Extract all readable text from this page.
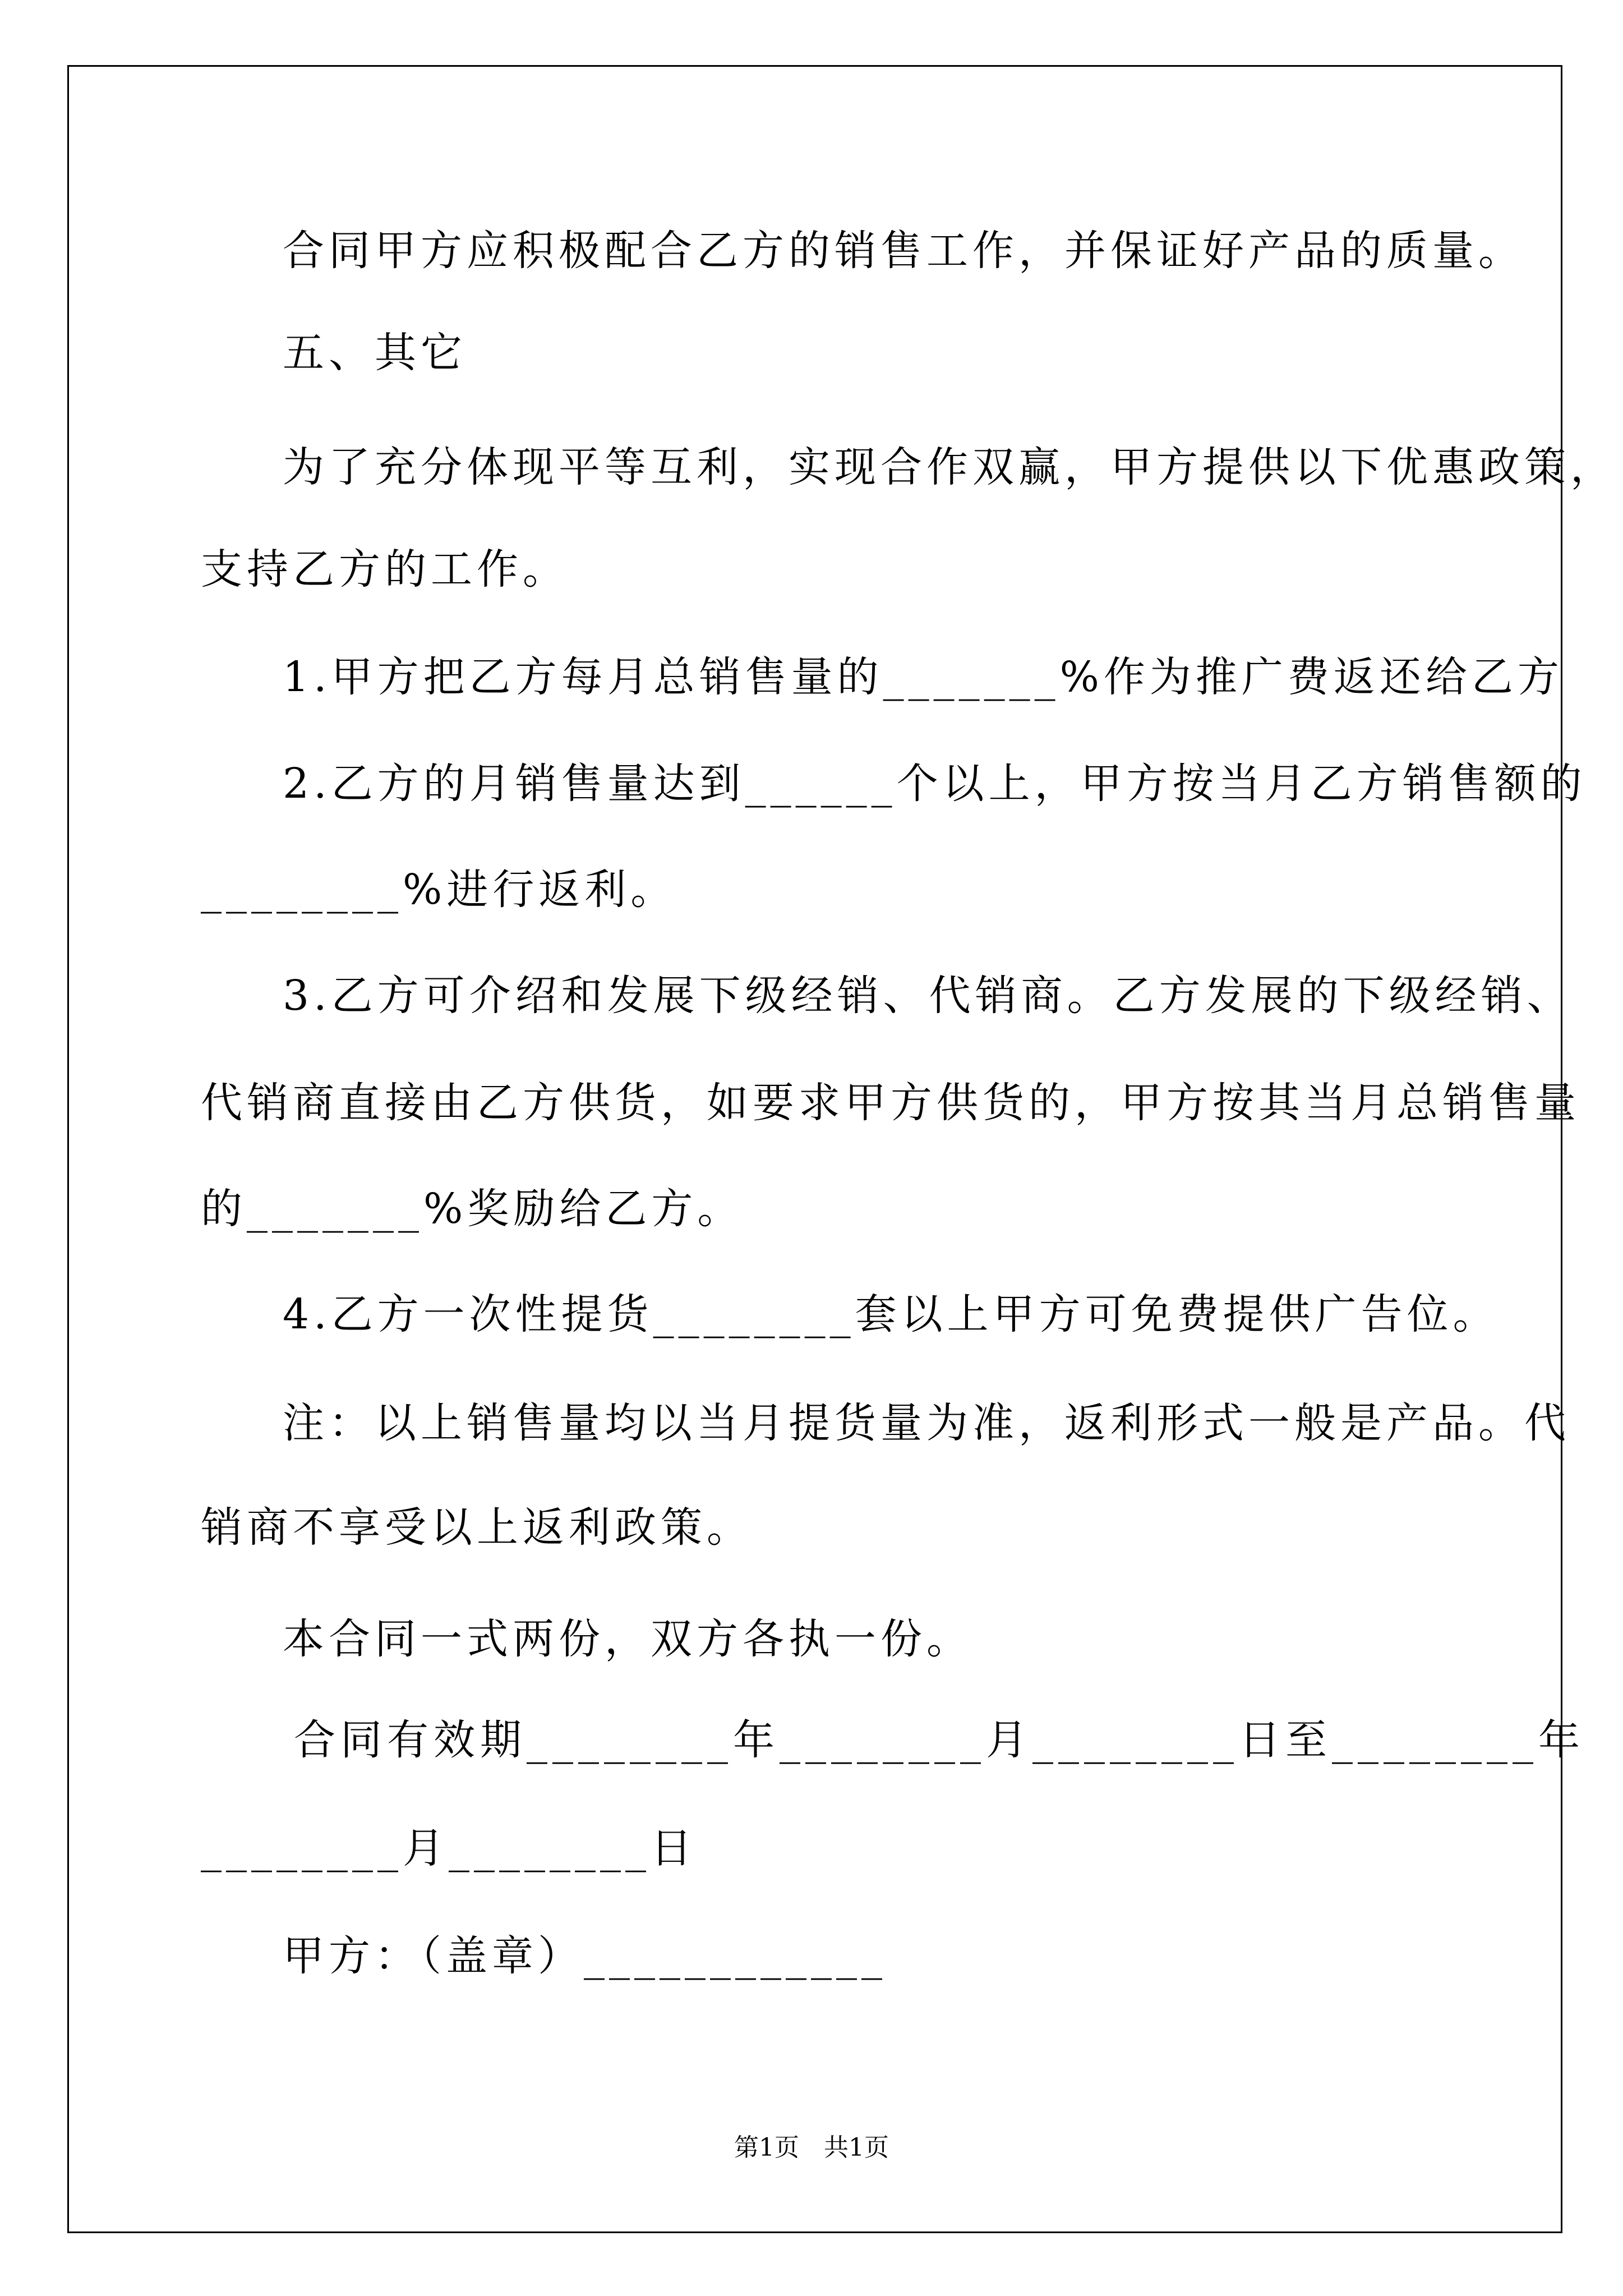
合同甲方应积极配合乙方的销售工作，并保证好产品的质量。
五、其它
为了充分体现平等互利，实现合作双赢，甲方提供以下优惠政策，
支持乙方的工作。
1.甲方把乙方每月总销售量的_______%作为推广费返还给乙方
2.乙方的月销售量达到______个以上，甲方按当月乙方销售额的
________%进行返利。
3.乙方可介绍和发展下级经销、代销商。乙方发展的下级经销、
代销商直接由乙方供货，如要求甲方供货的，甲方按其当月总销售量
的_______%奖励给乙方。
4.乙方一次性提货________套以上甲方可免费提供广告位。
注：以上销售量均以当月提货量为准，返利形式一般是产品。代
销商不享受以上返利政策。
本合同一式两份，双方各执一份。
合同有效期________年________月________日至________年
________月________日
甲方：（盖章）____________
第1页　共1页
